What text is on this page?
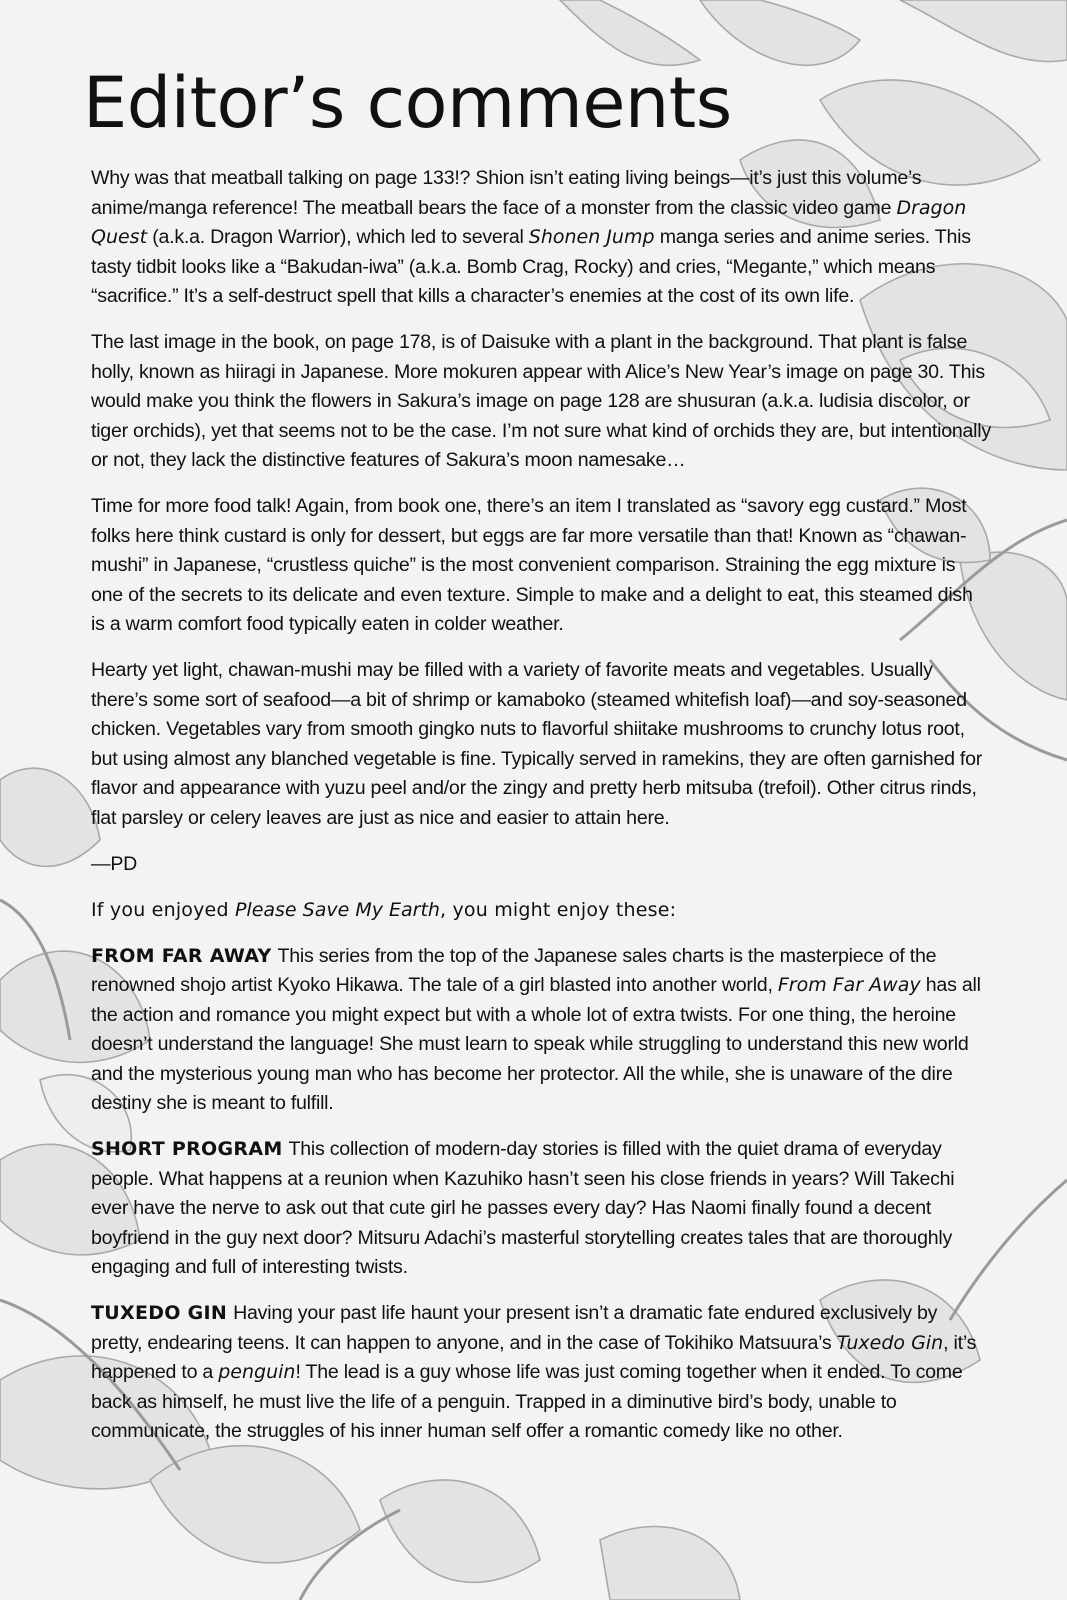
Editor’s comments

Why was that meatball talking on page 133!? Shion isn’t eating living beings—it’s just this volume’s anime/manga reference! The meatball bears the face of a monster from the classic video game Dragon Quest (a.k.a. Dragon Warrior), which led to several Shonen Jump manga series and anime series. This tasty tidbit looks like a “Bakudan-iwa” (a.k.a. Bomb Crag, Rocky) and cries, “Megante,” which means “sacrifice.” It’s a self-destruct spell that kills a character’s enemies at the cost of its own life.

The last image in the book, on page 178, is of Daisuke with a plant in the background. That plant is false holly, known as hiiragi in Japanese. More mokuren appear with Alice’s New Year’s image on page 30. This would make you think the flowers in Sakura’s image on page 128 are shusuran (a.k.a. ludisia discolor, or tiger orchids), yet that seems not to be the case. I’m not sure what kind of orchids they are, but intentionally or not, they lack the distinctive features of Sakura’s moon namesake…

Time for more food talk! Again, from book one, there’s an item I translated as “savory egg custard.” Most folks here think custard is only for dessert, but eggs are far more versatile than that! Known as “chawan-mushi” in Japanese, “crustless quiche” is the most convenient comparison. Straining the egg mixture is one of the secrets to its delicate and even texture. Simple to make and a delight to eat, this steamed dish is a warm comfort food typically eaten in colder weather.

Hearty yet light, chawan-mushi may be filled with a variety of favorite meats and vegetables. Usually there’s some sort of seafood—a bit of shrimp or kamaboko (steamed whitefish loaf)—and soy-seasoned chicken. Vegetables vary from smooth gingko nuts to flavorful shiitake mushrooms to crunchy lotus root, but using almost any blanched vegetable is fine. Typically served in ramekins, they are often garnished for flavor and appearance with yuzu peel and/or the zingy and pretty herb mitsuba (trefoil). Other citrus rinds, flat parsley or celery leaves are just as nice and easier to attain here.

—PD

If you enjoyed Please Save My Earth, you might enjoy these:

FROM FAR AWAY This series from the top of the Japanese sales charts is the masterpiece of the renowned shojo artist Kyoko Hikawa. The tale of a girl blasted into another world, From Far Away has all the action and romance you might expect but with a whole lot of extra twists. For one thing, the heroine doesn’t understand the language! She must learn to speak while struggling to understand this new world and the mysterious young man who has become her protector. All the while, she is unaware of the dire destiny she is meant to fulfill.

SHORT PROGRAM This collection of modern-day stories is filled with the quiet drama of everyday people. What happens at a reunion when Kazuhiko hasn’t seen his close friends in years? Will Takechi ever have the nerve to ask out that cute girl he passes every day? Has Naomi finally found a decent boyfriend in the guy next door? Mitsuru Adachi’s masterful storytelling creates tales that are thoroughly engaging and full of interesting twists.

TUXEDO GIN Having your past life haunt your present isn’t a dramatic fate endured exclusively by pretty, endearing teens. It can happen to anyone, and in the case of Tokihiko Matsuura’s Tuxedo Gin, it’s happened to a penguin! The lead is a guy whose life was just coming together when it ended. To come back as himself, he must live the life of a penguin. Trapped in a diminutive bird’s body, unable to communicate, the struggles of his inner human self offer a romantic comedy like no other.
